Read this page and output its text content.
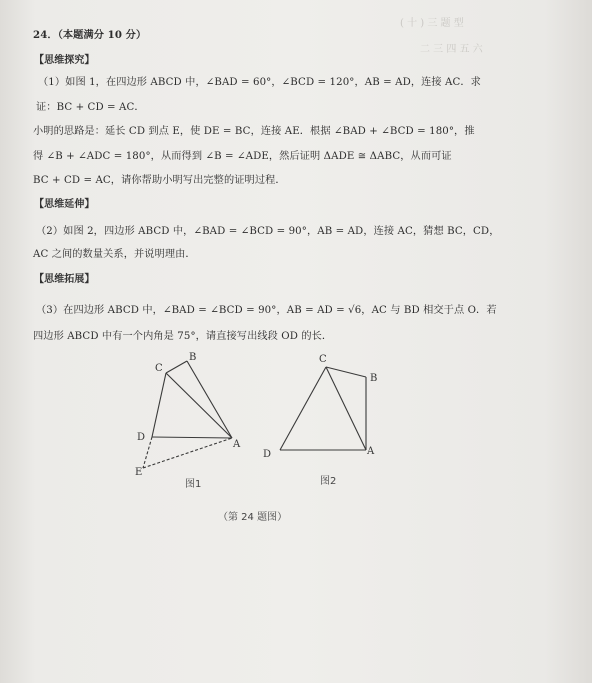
( 十 ) 三 题 型
二 三 四 五 六
24．（本题满分 10 分）
【思维探究】
（1）如图 1，在四边形 ABCD 中，∠BAD = 60°，∠BCD = 120°，AB = AD，连接 AC．求
证：BC + CD = AC．
小明的思路是：延长 CD 到点 E，使 DE = BC，连接 AE．根据 ∠BAD + ∠BCD = 180°，推
得 ∠B + ∠ADC = 180°，从而得到 ∠B = ∠ADE，然后证明 ΔADE ≅ ΔABC，从而可证
BC + CD = AC，请你帮助小明写出完整的证明过程．
【思维延伸】
（2）如图 2，四边形 ABCD 中，∠BAD = ∠BCD = 90°，AB = AD，连接 AC，猜想 BC，CD，
AC 之间的数量关系，并说明理由．
【思维拓展】
（3）在四边形 ABCD 中，∠BAD = ∠BCD = 90°，AB = AD = √6，AC 与 BD 相交于点 O．若
四边形 ABCD 中有一个内角是 75°，请直接写出线段 OD 的长．
C
B
D
A
E
图1
C
B
D	A
图2
（第 24 题图）
